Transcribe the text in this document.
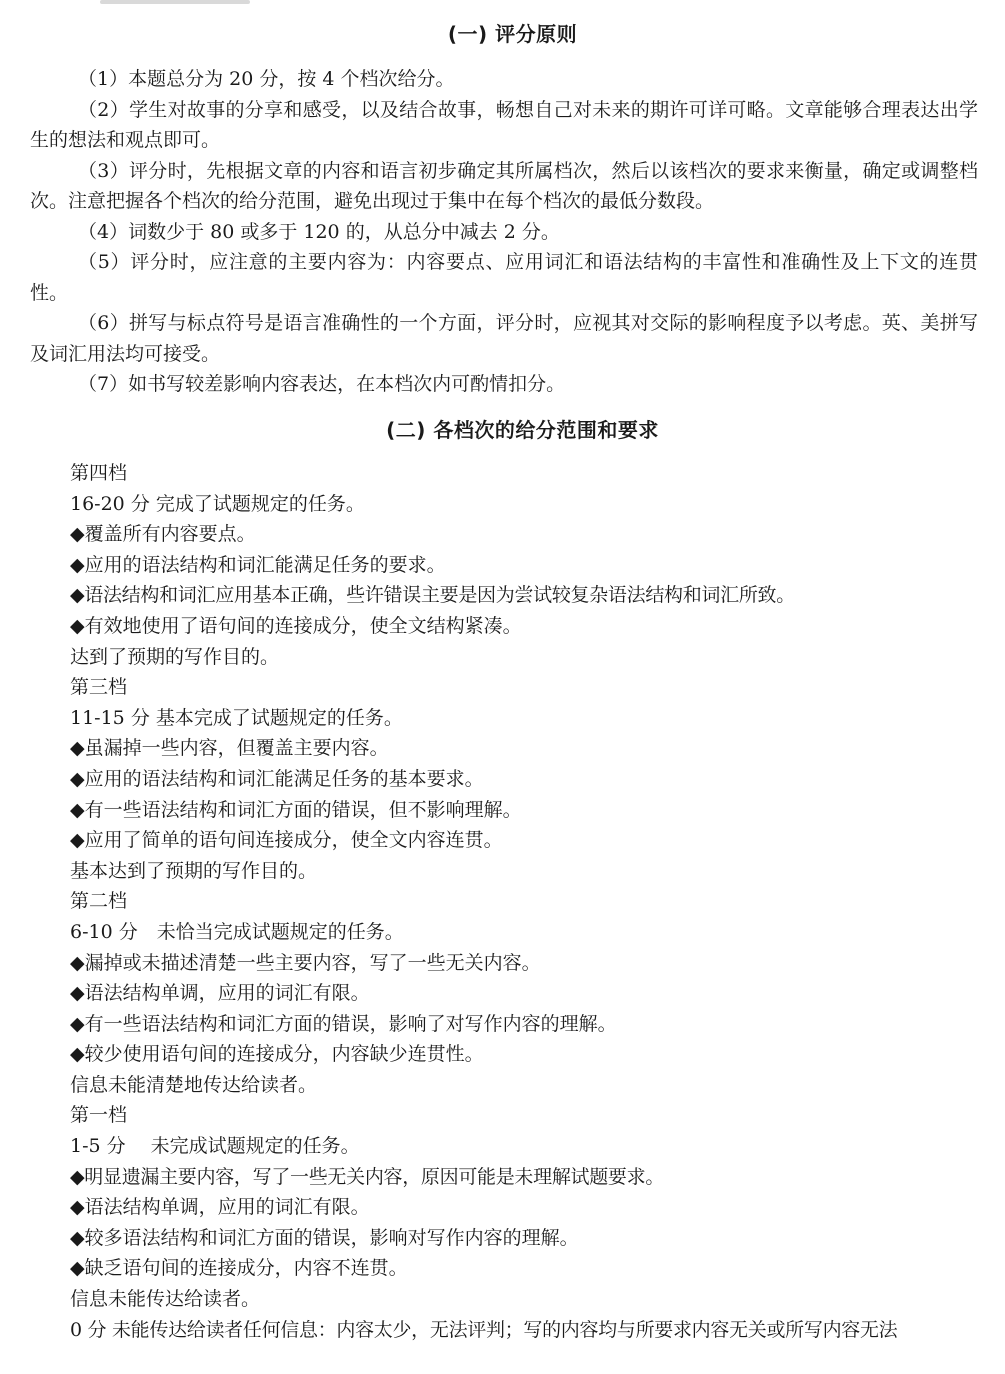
(一) 评分原则

（1）本题总分为 20 分，按 4 个档次给分。

（2）学生对故事的分享和感受，以及结合故事，畅想自己对未来的期许可详可略。文章能够合理表达出学生的想法和观点即可。

（3）评分时，先根据文章的内容和语言初步确定其所属档次，然后以该档次的要求来衡量，确定或调整档次。注意把握各个档次的给分范围，避免出现过于集中在每个档次的最低分数段。

（4）词数少于 80 或多于 120 的，从总分中减去 2 分。

（5）评分时，应注意的主要内容为：内容要点、应用词汇和语法结构的丰富性和准确性及上下文的连贯性。

（6）拼写与标点符号是语言准确性的一个方面，评分时，应视其对交际的影响程度予以考虑。英、美拼写及词汇用法均可接受。

（7）如书写较差影响内容表达，在本档次内可酌情扣分。

(二) 各档次的给分范围和要求
第四档
16-20 分 完成了试题规定的任务。
◆覆盖所有内容要点。
◆应用的语法结构和词汇能满足任务的要求。
◆语法结构和词汇应用基本正确，些许错误主要是因为尝试较复杂语法结构和词汇所致。
◆有效地使用了语句间的连接成分，使全文结构紧凑。
达到了预期的写作目的。
第三档
11-15 分 基本完成了试题规定的任务。
◆虽漏掉一些内容，但覆盖主要内容。
◆应用的语法结构和词汇能满足任务的基本要求。
◆有一些语法结构和词汇方面的错误，但不影响理解。
◆应用了简单的语句间连接成分，使全文内容连贯。
基本达到了预期的写作目的。
第二档
6-10 分　未恰当完成试题规定的任务。
◆漏掉或未描述清楚一些主要内容，写了一些无关内容。
◆语法结构单调，应用的词汇有限。
◆有一些语法结构和词汇方面的错误，影响了对写作内容的理解。
◆较少使用语句间的连接成分，内容缺少连贯性。
信息未能清楚地传达给读者。
第一档
1-5 分　 未完成试题规定的任务。
◆明显遗漏主要内容，写了一些无关内容，原因可能是未理解试题要求。
◆语法结构单调，应用的词汇有限。
◆较多语法结构和词汇方面的错误，影响对写作内容的理解。
◆缺乏语句间的连接成分，内容不连贯。
信息未能传达给读者。
0 分 未能传达给读者任何信息：内容太少，无法评判；写的内容均与所要求内容无关或所写内容无法
